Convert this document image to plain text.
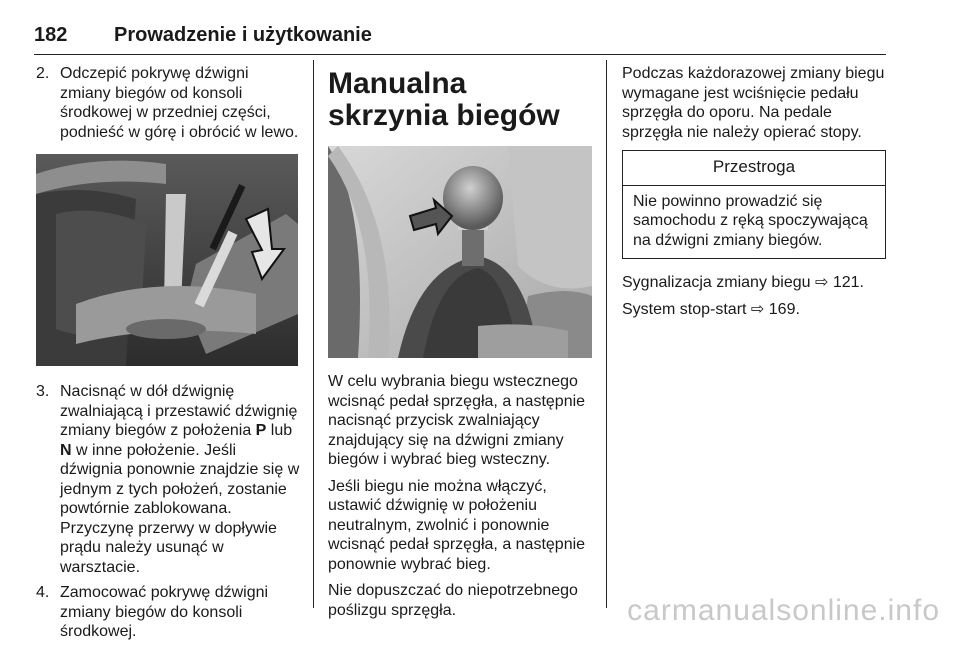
182 Prowadzenie i użytkowanie
2. Odczepić pokrywę dźwigni zmiany biegów od konsoli środkowej w przedniej części, podnieść w górę i obrócić w lewo.
3. Nacisnąć w dół dźwignię zwalniającą i przestawić dźwignię zmiany biegów z położenia P lub N w inne położenie. Jeśli dźwignia ponownie znajdzie się w jednym z tych położeń, zostanie powtórnie zablokowana. Przyczynę przerwy w dopływie prądu należy usunąć w warsztacie.
4. Zamocować pokrywę dźwigni zmiany biegów do konsoli środkowej.
Manualna skrzynia biegów

W celu wybrania biegu wstecznego wcisnąć pedał sprzęgła, a następnie nacisnąć przycisk zwalniający znajdujący się na dźwigni zmiany biegów i wybrać bieg wsteczny.

Jeśli biegu nie można włączyć, ustawić dźwignię w położeniu neutralnym, zwolnić i ponownie wcisnąć pedał sprzęgła, a następnie ponownie wybrać bieg.

Nie dopuszczać do niepotrzebnego poślizgu sprzęgła.

Podczas każdorazowej zmiany biegu wymagane jest wciśnięcie pedału sprzęgła do oporu. Na pedale sprzęgła nie należy opierać stopy.

Przestroga
Nie powinno prowadzić się samochodu z ręką spoczywającą na dźwigni zmiany biegów.

Sygnalizacja zmiany biegu ⇨ 121.

System stop-start ⇨ 169.

carmanualsonline.info
